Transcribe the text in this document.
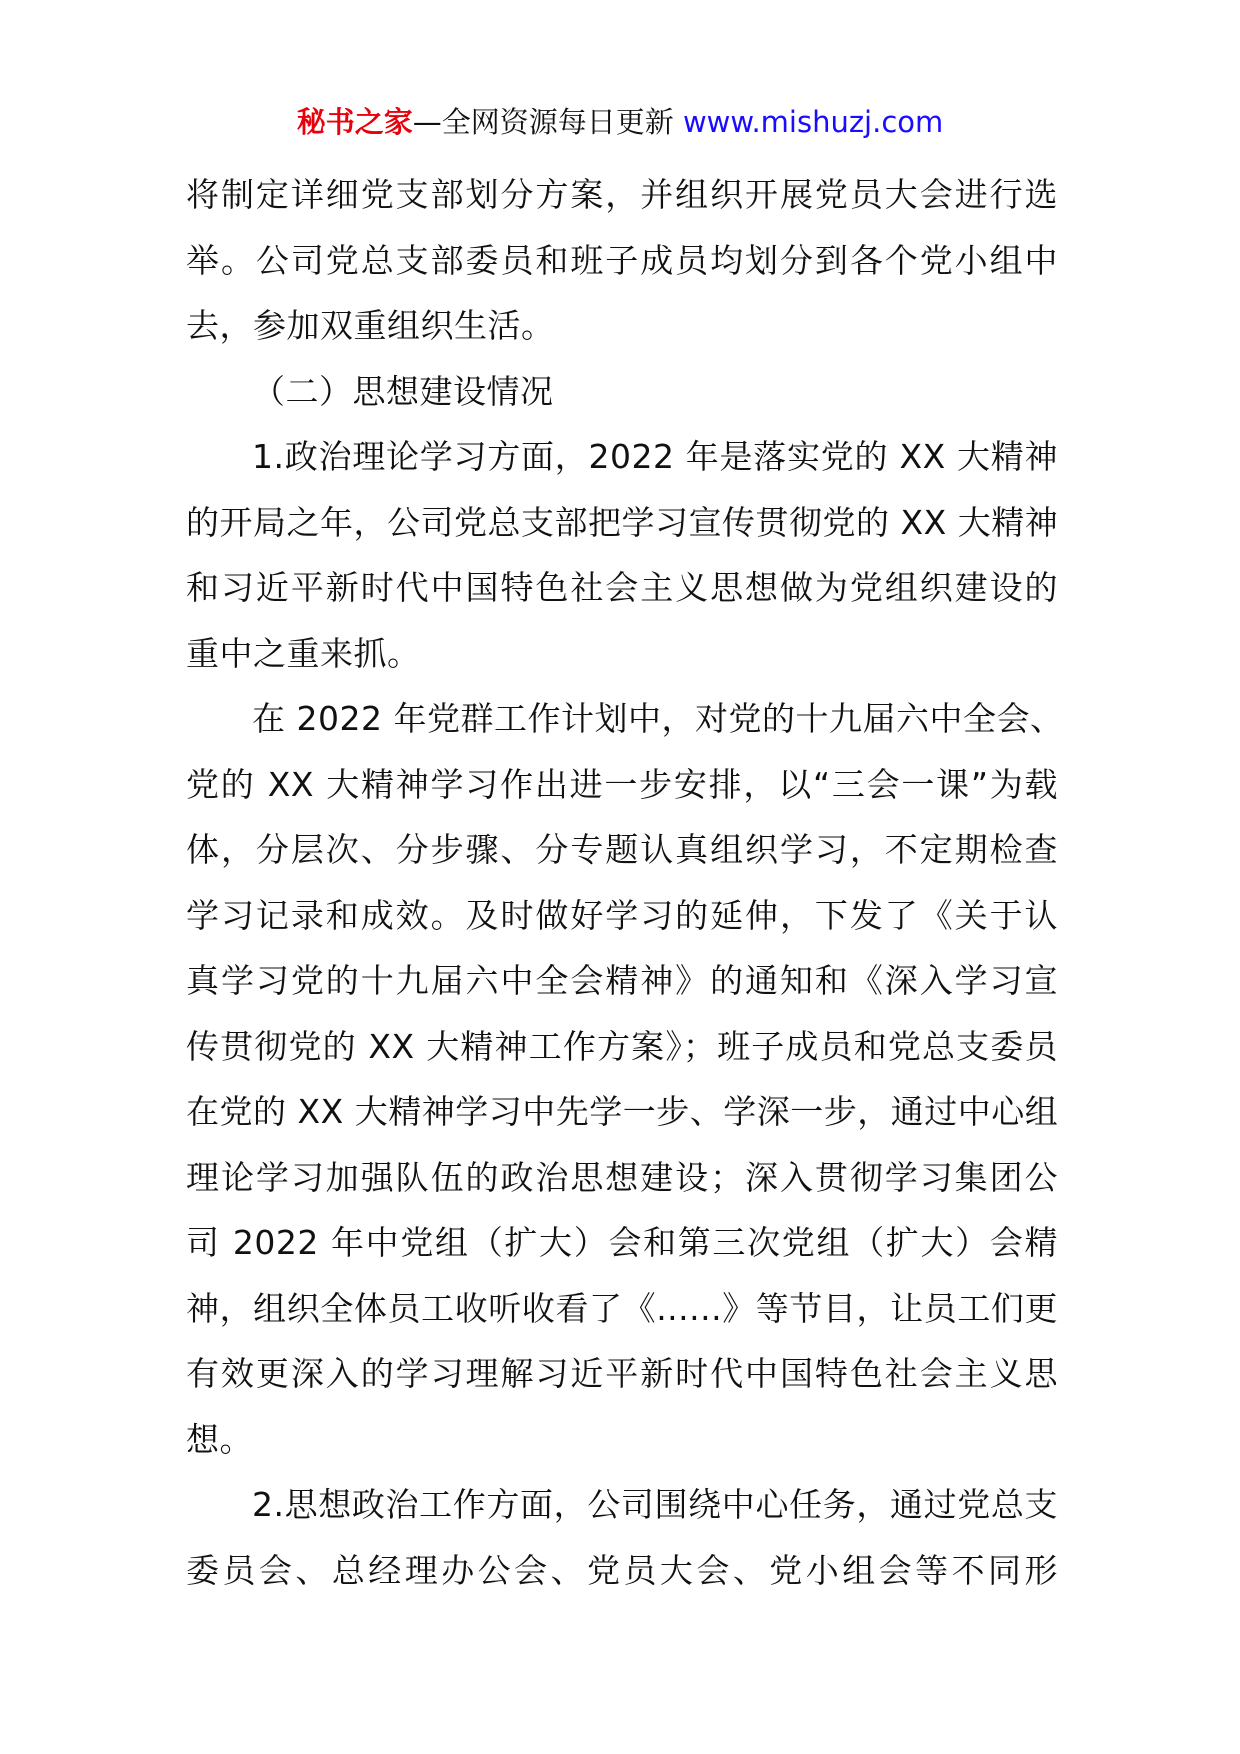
秘书之家—全网资源每日更新 www.mishuzj.com
将制定详细党支部划分方案，并组织开展党员大会进行选
举。公司党总支部委员和班子成员均划分到各个党小组中
去，参加双重组织生活。
（二）思想建设情况
1.政治理论学习方面，2022 年是落实党的 XX 大精神
的开局之年，公司党总支部把学习宣传贯彻党的 XX 大精神
和习近平新时代中国特色社会主义思想做为党组织建设的
重中之重来抓。
在 2022 年党群工作计划中，对党的十九届六中全会、
党的 XX 大精神学习作出进一步安排，以“三会一课”为载
体，分层次、分步骤、分专题认真组织学习，不定期检查
学习记录和成效。及时做好学习的延伸，下发了《关于认
真学习党的十九届六中全会精神》的通知和《深入学习宣
传贯彻党的 XX 大精神工作方案》；班子成员和党总支委员
在党的 XX 大精神学习中先学一步、学深一步，通过中心组
理论学习加强队伍的政治思想建设；深入贯彻学习集团公
司 2022 年中党组（扩大）会和第三次党组（扩大）会精
神，组织全体员工收听收看了《......》等节目，让员工们更
有效更深入的学习理解习近平新时代中国特色社会主义思
想。
2.思想政治工作方面，公司围绕中心任务，通过党总支
委员会、总经理办公会、党员大会、党小组会等不同形
